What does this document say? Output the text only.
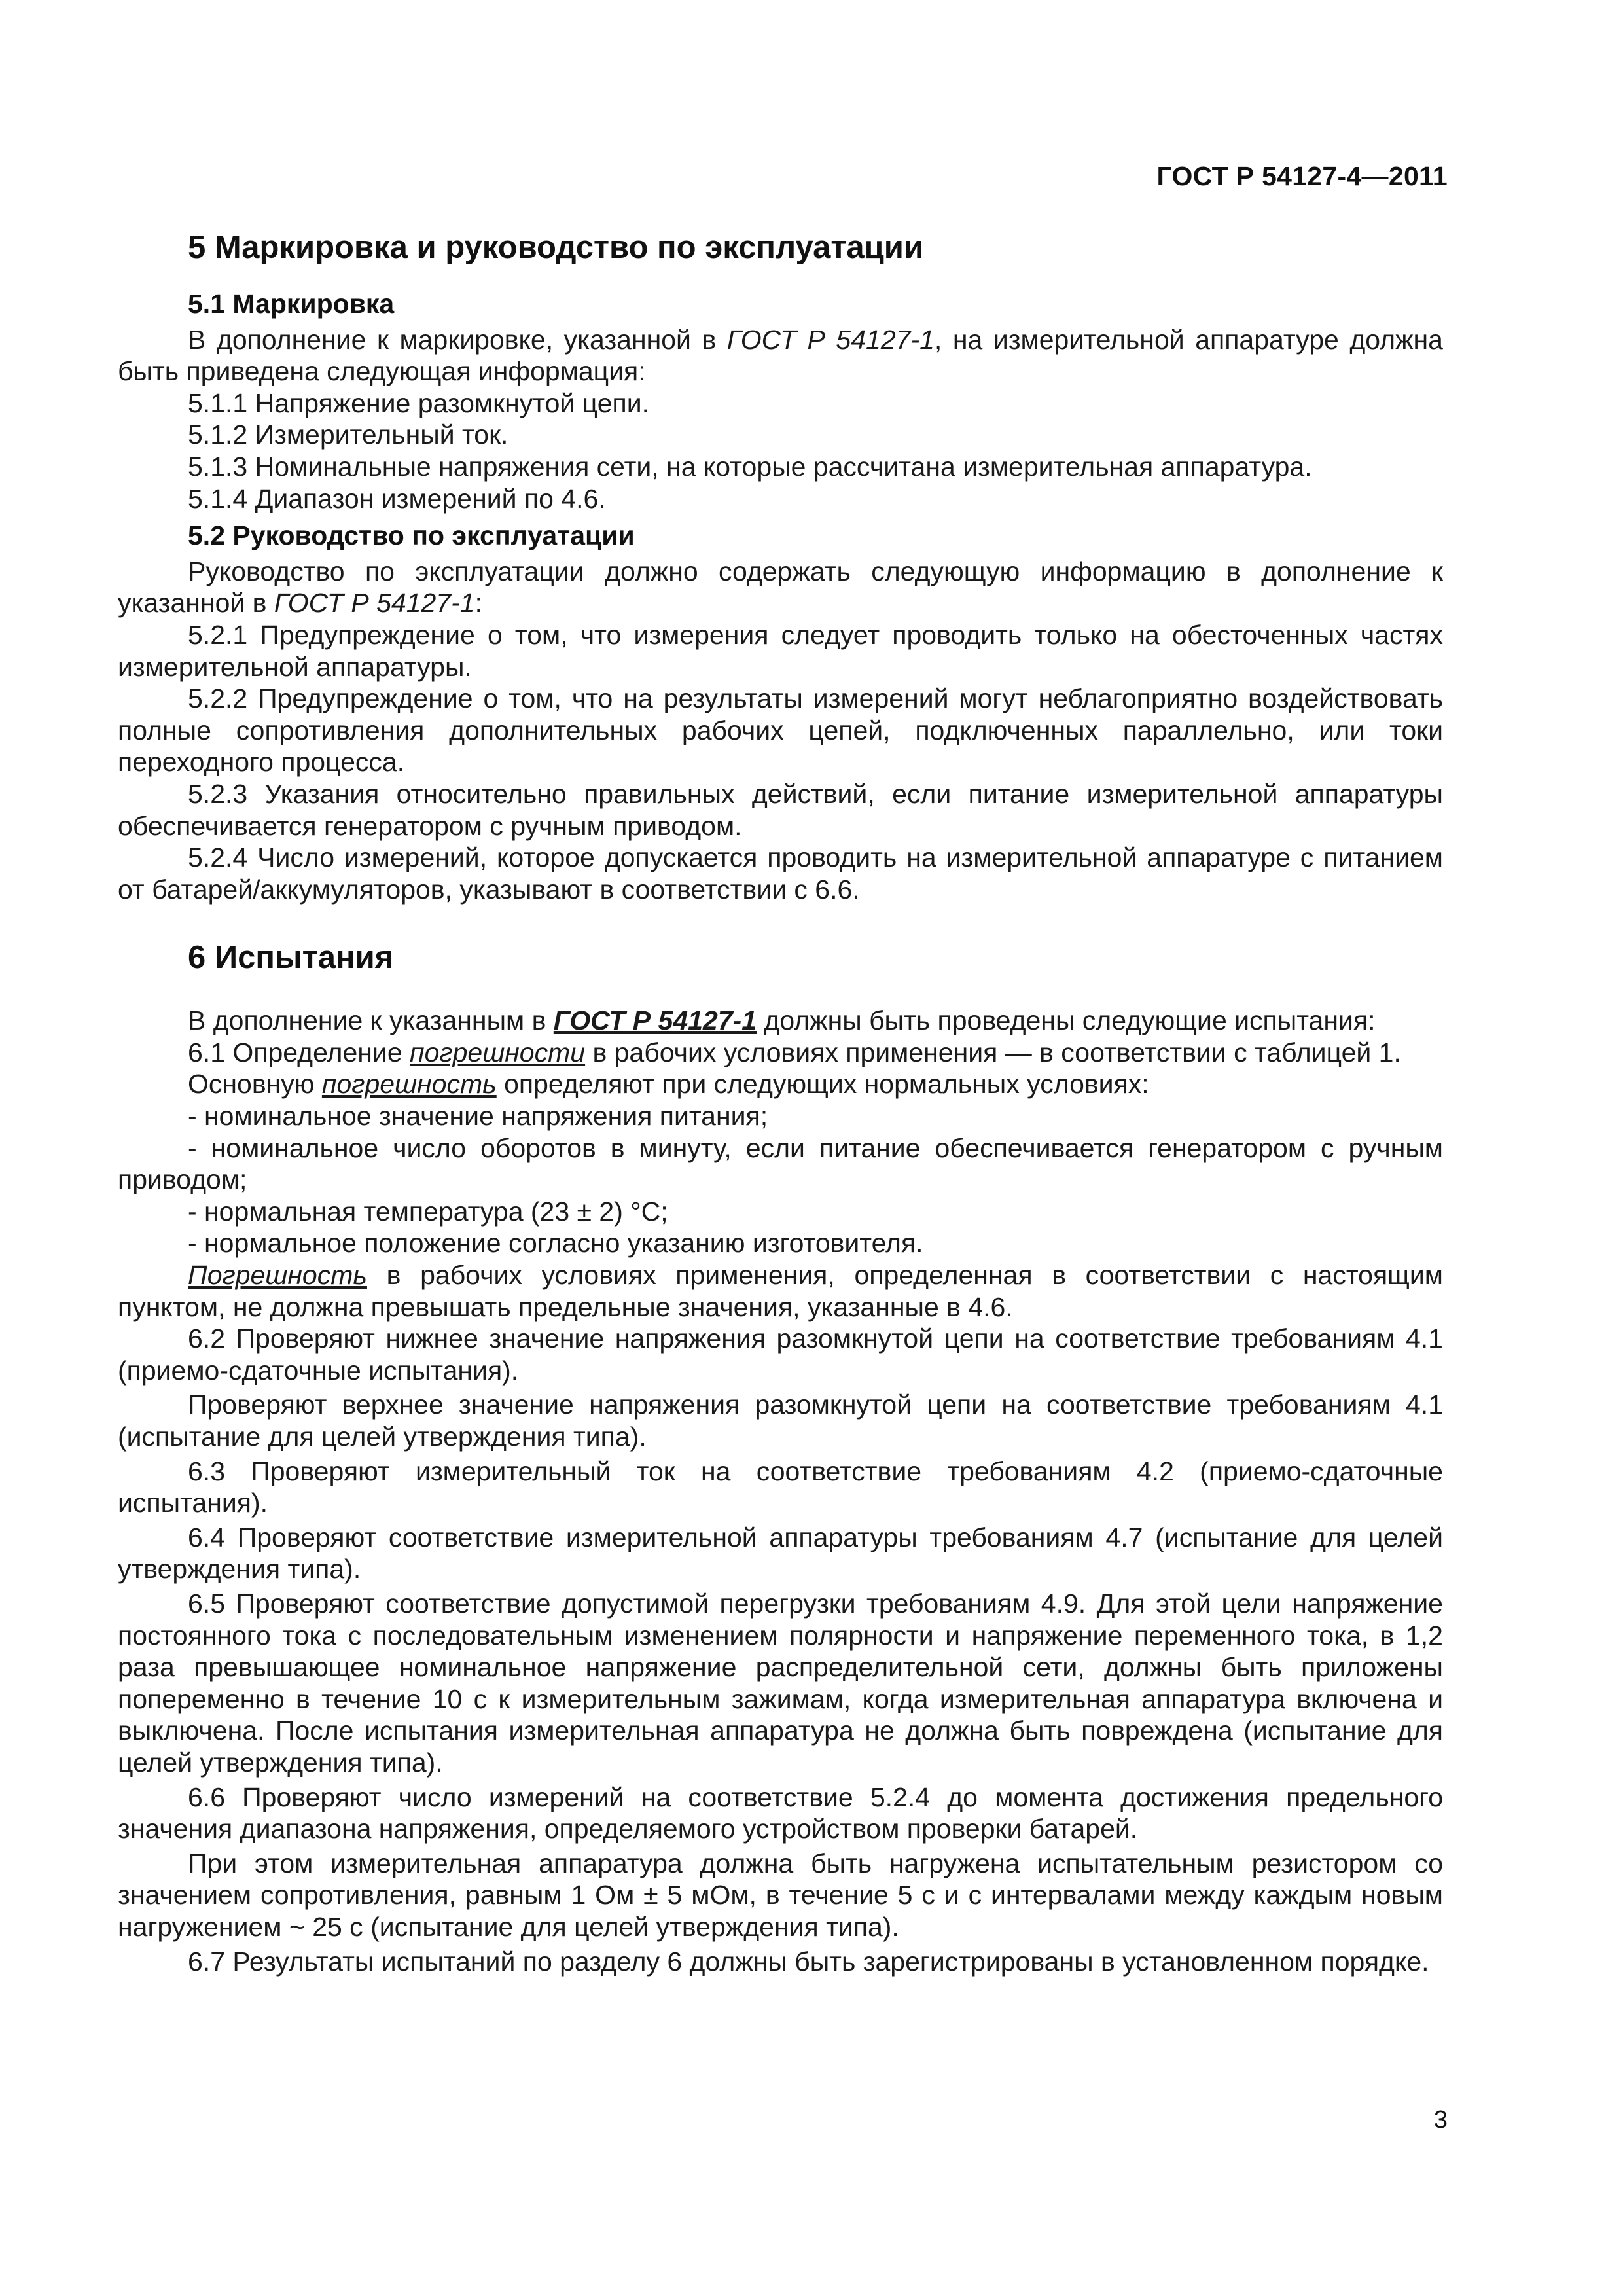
ГОСТ Р 54127-4—2011
5 Маркировка и руководство по эксплуатации
5.1 Маркировка
В дополнение к маркировке, указанной в ГОСТ Р 54127-1, на измерительной аппаратуре должна быть приведена следующая информация:
5.1.1 Напряжение разомкнутой цепи.
5.1.2 Измерительный ток.
5.1.3 Номинальные напряжения сети, на которые рассчитана измерительная аппаратура.
5.1.4 Диапазон измерений по 4.6.
5.2 Руководство по эксплуатации
Руководство по эксплуатации должно содержать следующую информацию в дополнение к указанной в ГОСТ Р 54127-1:
5.2.1 Предупреждение о том, что измерения следует проводить только на обесточенных частях измерительной аппаратуры.
5.2.2 Предупреждение о том, что на результаты измерений могут неблагоприятно воздействовать полные сопротивления дополнительных рабочих цепей, подключенных параллельно, или токи переходного процесса.
5.2.3 Указания относительно правильных действий, если питание измерительной аппаратуры обеспечивается генератором с ручным приводом.
5.2.4 Число измерений, которое допускается проводить на измерительной аппаратуре с питанием от батарей/аккумуляторов, указывают в соответствии с 6.6.
6 Испытания
В дополнение к указанным в ГОСТ Р 54127-1 должны быть проведены следующие испытания:
6.1 Определение погрешности в рабочих условиях применения — в соответствии с таблицей 1.
Основную погрешность определяют при следующих нормальных условиях:
- номинальное значение напряжения питания;
- номинальное число оборотов в минуту, если питание обеспечивается генератором с ручным приводом;
- нормальная температура (23 ± 2) °С;
- нормальное положение согласно указанию изготовителя.
Погрешность в рабочих условиях применения, определенная в соответствии с настоящим пунктом, не должна превышать предельные значения, указанные в 4.6.
6.2 Проверяют нижнее значение напряжения разомкнутой цепи на соответствие требованиям 4.1 (приемо-сдаточные испытания).
Проверяют верхнее значение напряжения разомкнутой цепи на соответствие требованиям 4.1 (испытание для целей утверждения типа).
6.3 Проверяют измерительный ток на соответствие требованиям 4.2 (приемо-сдаточные испытания).
6.4 Проверяют соответствие измерительной аппаратуры требованиям 4.7 (испытание для целей утверждения типа).
6.5 Проверяют соответствие допустимой перегрузки требованиям 4.9. Для этой цели напряжение постоянного тока с последовательным изменением полярности и напряжение переменного тока, в 1,2 раза превышающее номинальное напряжение распределительной сети, должны быть приложены попеременно в течение 10 с к измерительным зажимам, когда измерительная аппаратура включена и выключена. После испытания измерительная аппаратура не должна быть повреждена (испытание для целей утверждения типа).
6.6 Проверяют число измерений на соответствие 5.2.4 до момента достижения предельного значения диапазона напряжения, определяемого устройством проверки батарей.
При этом измерительная аппаратура должна быть нагружена испытательным резистором со значением сопротивления, равным 1 Ом ± 5 мОм, в течение 5 с и с интервалами между каждым новым нагружением ~ 25 с (испытание для целей утверждения типа).
6.7 Результаты испытаний по разделу 6 должны быть зарегистрированы в установленном порядке.
3
